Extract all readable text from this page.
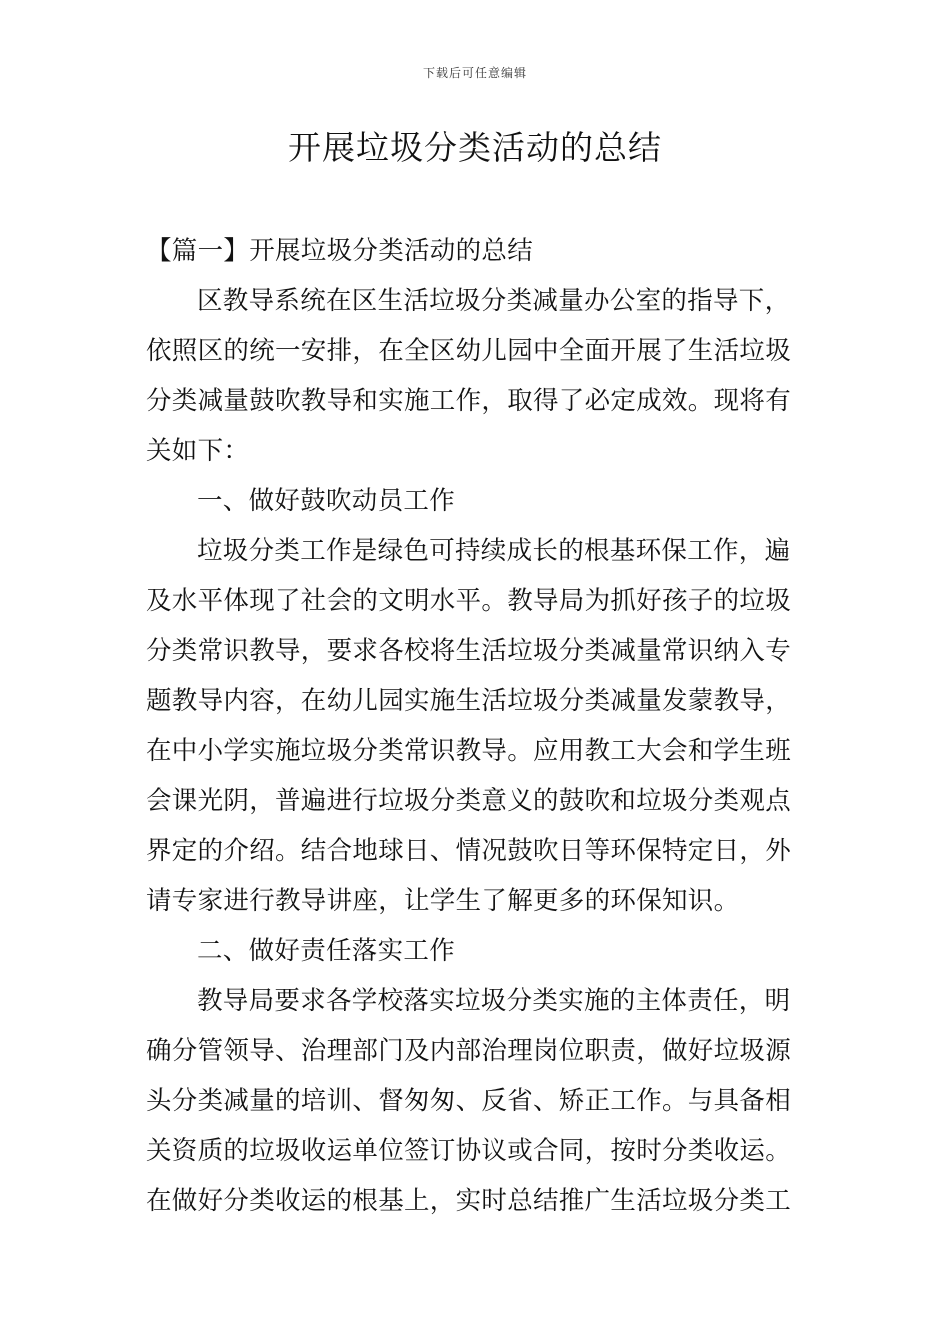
下载后可任意编辑
开展垃圾分类活动的总结
【篇一】开展垃圾分类活动的总结
区教导系统在区生活垃圾分类减量办公室的指导下，
依照区的统一安排，在全区幼儿园中全面开展了生活垃圾
分类减量鼓吹教导和实施工作，取得了必定成效。现将有
关如下：
一、做好鼓吹动员工作
垃圾分类工作是绿色可持续成长的根基环保工作，遍
及水平体现了社会的文明水平。教导局为抓好孩子的垃圾
分类常识教导，要求各校将生活垃圾分类减量常识纳入专
题教导内容，在幼儿园实施生活垃圾分类减量发蒙教导，
在中小学实施垃圾分类常识教导。应用教工大会和学生班
会课光阴，普遍进行垃圾分类意义的鼓吹和垃圾分类观点
界定的介绍。结合地球日、情况鼓吹日等环保特定日，外
请专家进行教导讲座，让学生了解更多的环保知识。
二、做好责任落实工作
教导局要求各学校落实垃圾分类实施的主体责任，明
确分管领导、治理部门及内部治理岗位职责，做好垃圾源
头分类减量的培训、督匆匆、反省、矫正工作。与具备相
关资质的垃圾收运单位签订协议或合同，按时分类收运。
在做好分类收运的根基上，实时总结推广生活垃圾分类工
